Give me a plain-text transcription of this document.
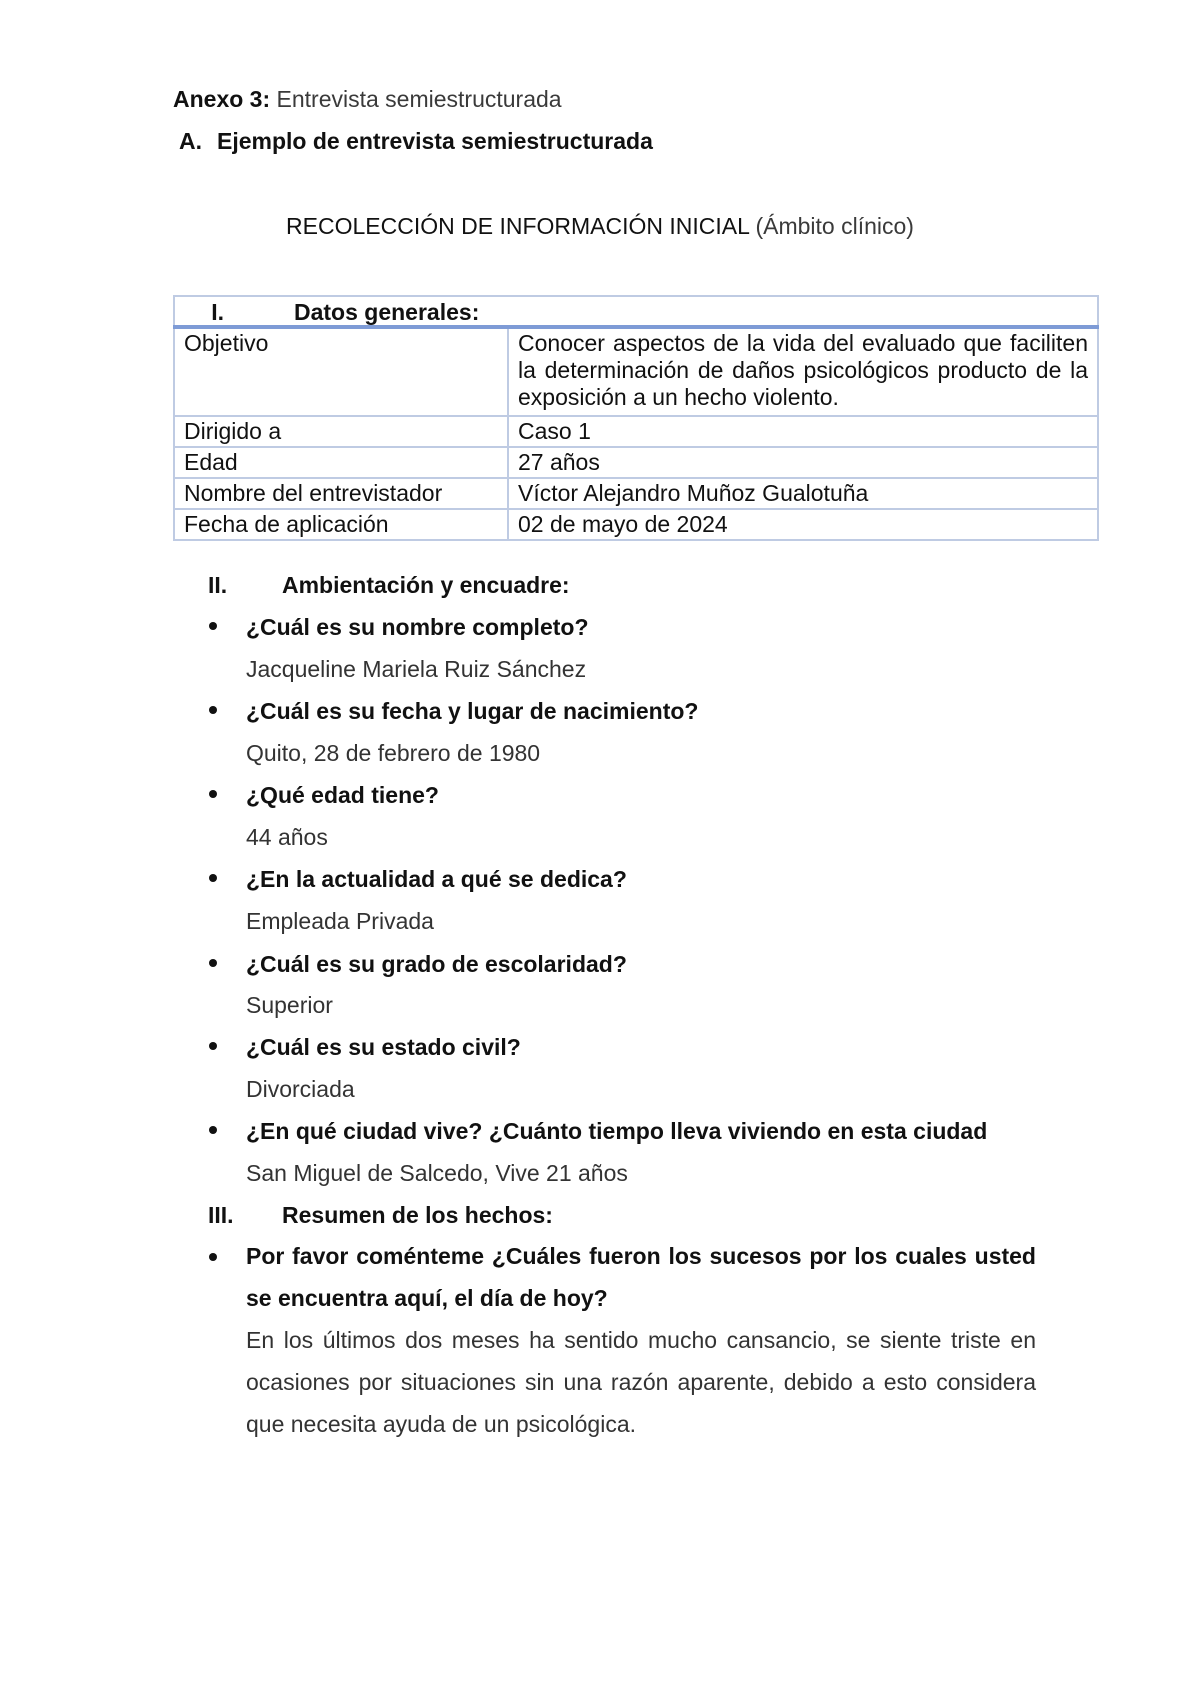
Anexo 3: Entrevista semiestructurada
A. Ejemplo de entrevista semiestructurada
RECOLECCIÓN DE INFORMACIÓN INICIAL (Ámbito clínico)
I. Datos generales:	
Objetivo	Conocer aspectos de la vida del evaluado que faciliten la determinación de daños psicológicos producto de la exposición a un hecho violento.
Dirigido a	Caso 1
Edad	27 años
Nombre del entrevistador	Víctor Alejandro Muñoz Gualotuña
Fecha de aplicación	02 de mayo de 2024
II. Ambientación y encuadre:
¿Cuál es su nombre completo?
Jacqueline Mariela Ruiz Sánchez
¿Cuál es su fecha y lugar de nacimiento?
Quito, 28 de febrero de 1980
¿Qué edad tiene?
44 años
¿En la actualidad a qué se dedica?
Empleada Privada
¿Cuál es su grado de escolaridad?
Superior
¿Cuál es su estado civil?
Divorciada
¿En qué ciudad vive? ¿Cuánto tiempo lleva viviendo en esta ciudad
San Miguel de Salcedo, Vive 21 años
III. Resumen de los hechos:
Por favor coménteme ¿Cuáles fueron los sucesos por los cuales usted se encuentra aquí, el día de hoy?
En los últimos dos meses ha sentido mucho cansancio, se siente triste en ocasiones por situaciones sin una razón aparente, debido a esto considera que necesita ayuda de un psicológica.
